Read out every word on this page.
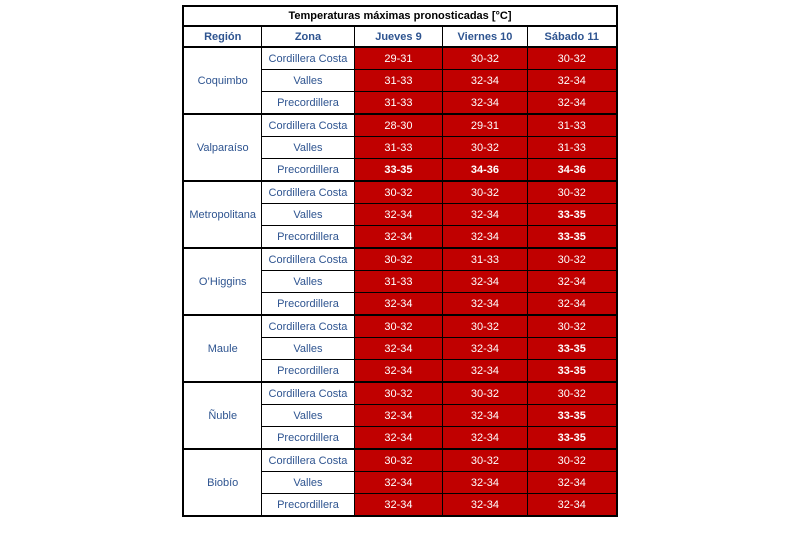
Temperaturas máximas pronosticadas [°C]				
Región	Zona	Jueves 9	Viernes 10	Sábado 11
Coquimbo	Cordillera Costa	29-31	30-32	30-32
	Valles	31-33	32-34	32-34
	Precordillera	31-33	32-34	32-34
Valparaíso	Cordillera Costa	28-30	29-31	31-33
	Valles	31-33	30-32	31-33
	Precordillera	33-35	34-36	34-36
Metropolitana	Cordillera Costa	30-32	30-32	30-32
	Valles	32-34	32-34	33-35
	Precordillera	32-34	32-34	33-35
O’Higgins	Cordillera Costa	30-32	31-33	30-32
	Valles	31-33	32-34	32-34
	Precordillera	32-34	32-34	32-34
Maule	Cordillera Costa	30-32	30-32	30-32
	Valles	32-34	32-34	33-35
	Precordillera	32-34	32-34	33-35
Ñuble	Cordillera Costa	30-32	30-32	30-32
	Valles	32-34	32-34	33-35
	Precordillera	32-34	32-34	33-35
Biobío	Cordillera Costa	30-32	30-32	30-32
	Valles	32-34	32-34	32-34
	Precordillera	32-34	32-34	32-34
